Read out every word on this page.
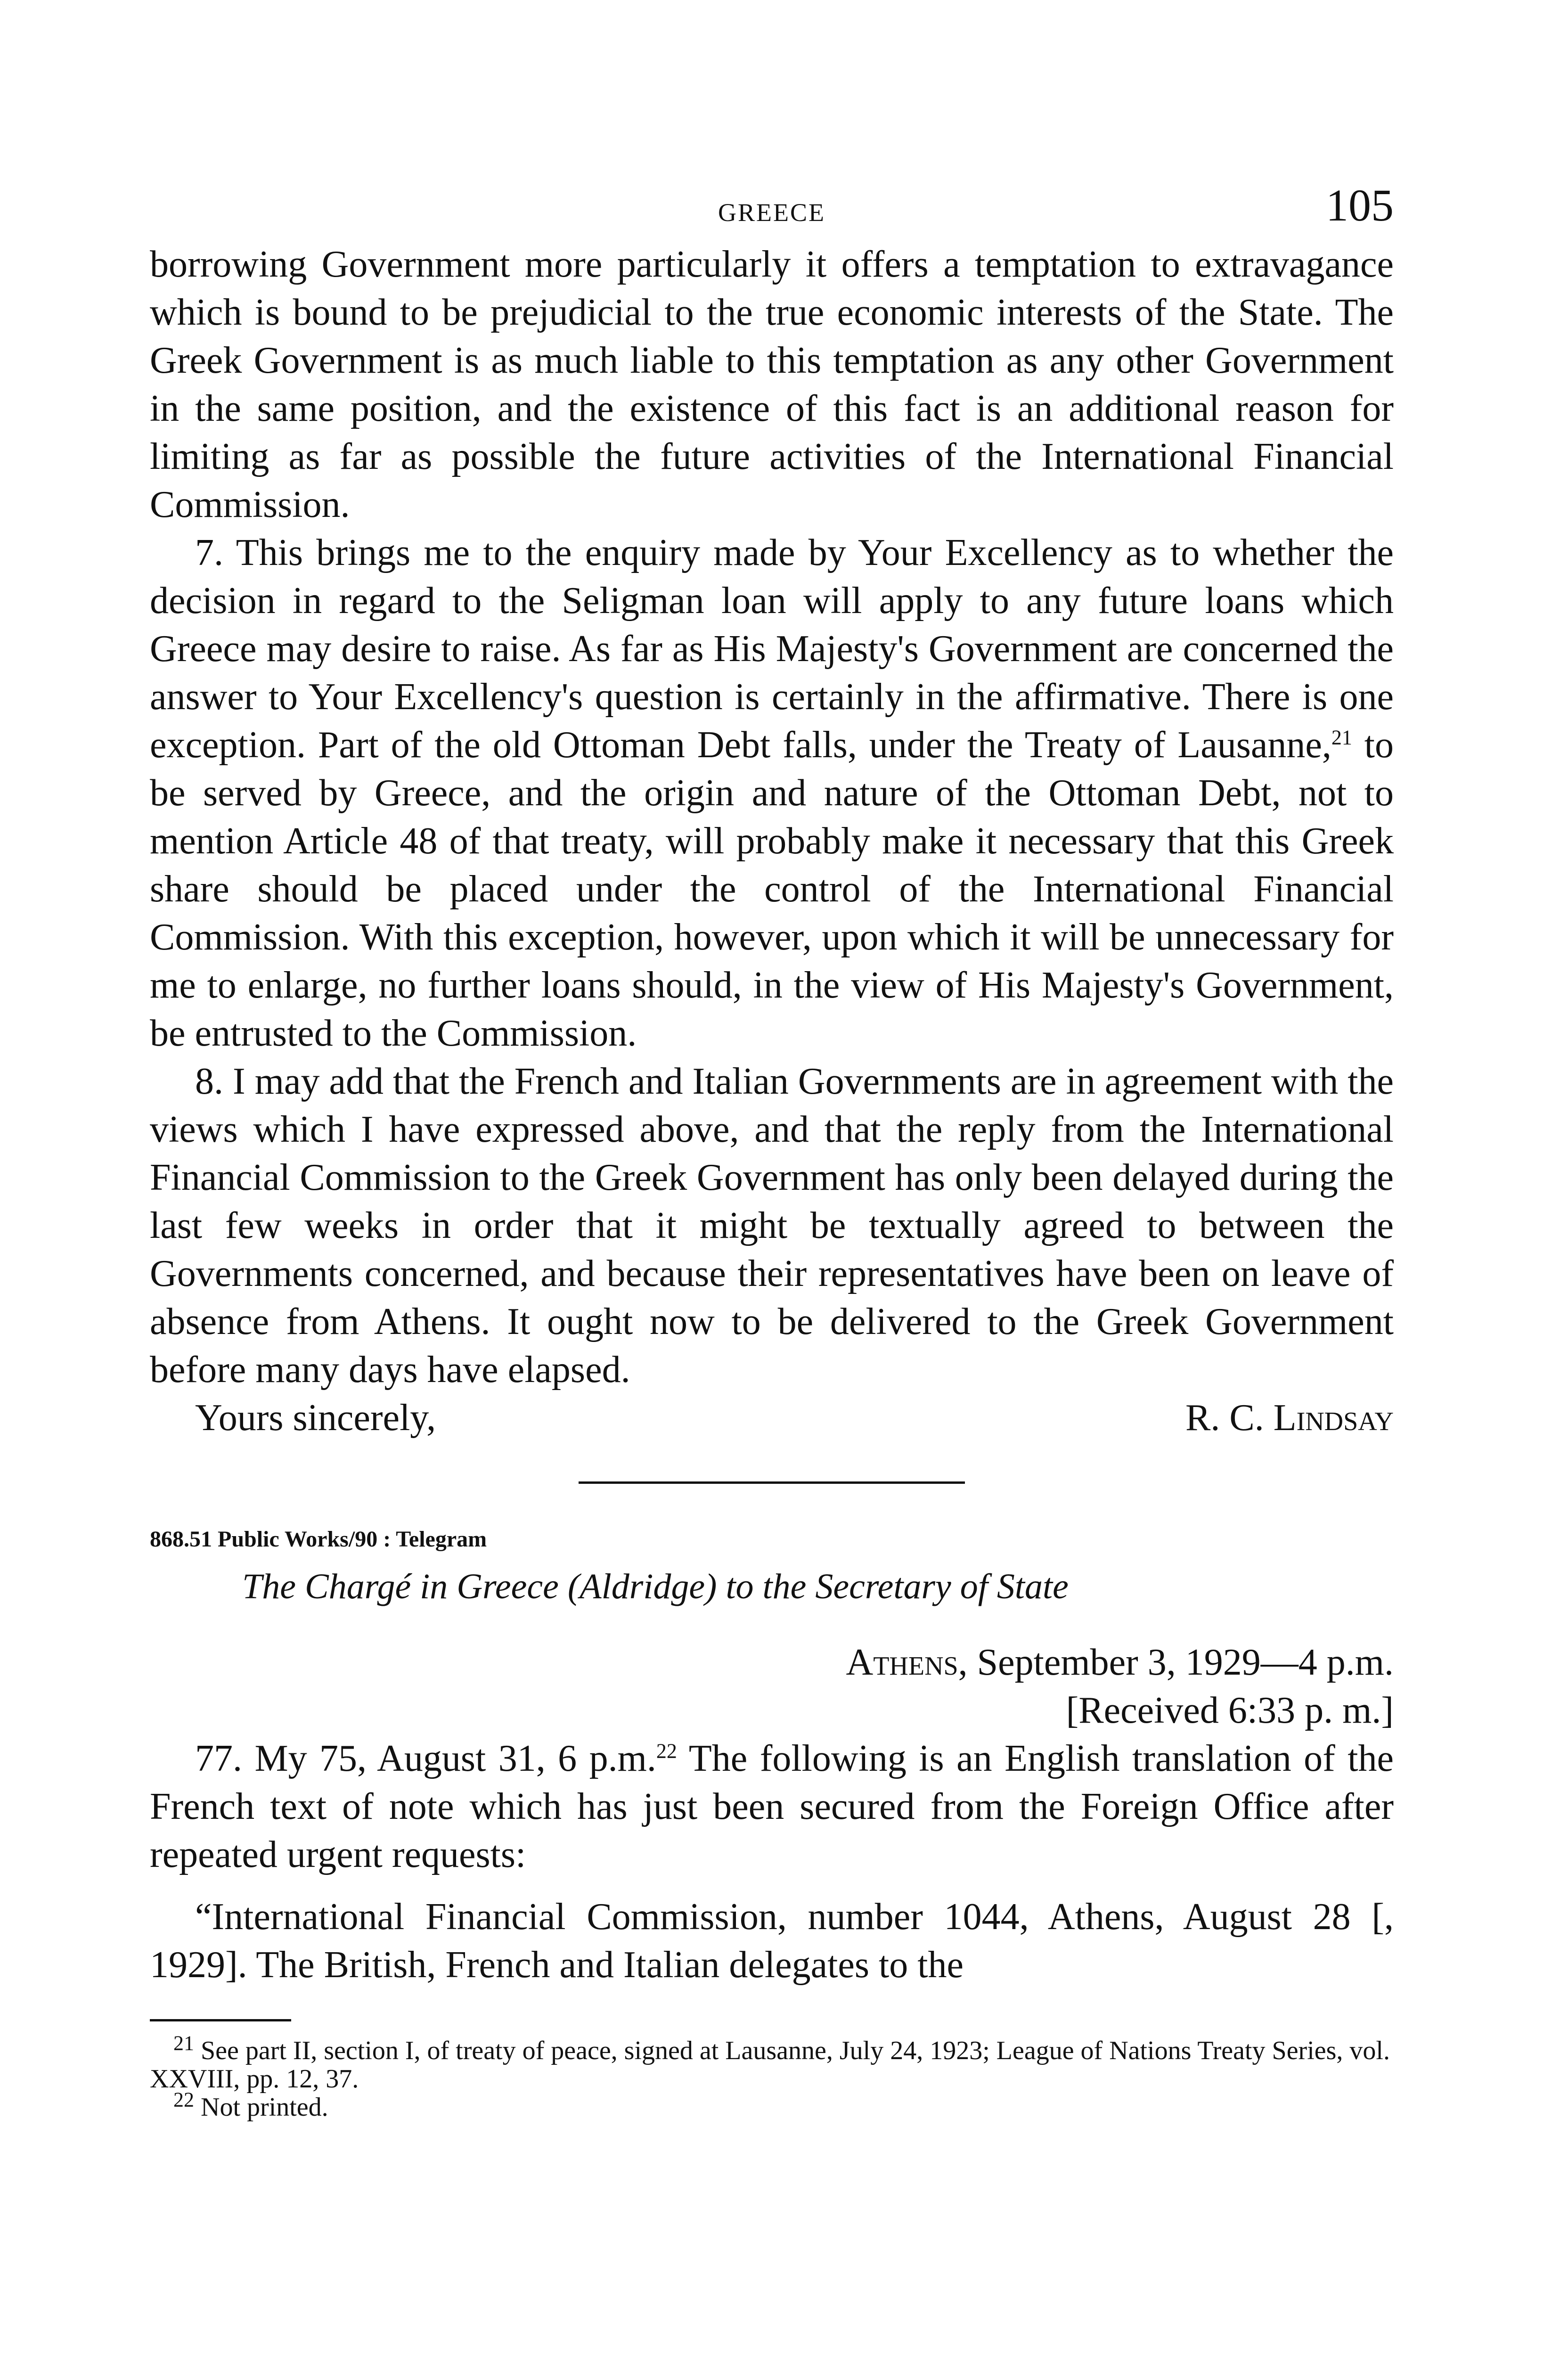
GREECE	105

borrowing Government more particularly it offers a temptation to extravagance which is bound to be prejudicial to the true economic interests of the State. The Greek Government is as much liable to this temptation as any other Government in the same position, and the existence of this fact is an additional reason for limiting as far as possible the future activities of the International Financial Commission.

7. This brings me to the enquiry made by Your Excellency as to whether the decision in regard to the Seligman loan will apply to any future loans which Greece may desire to raise. As far as His Majesty's Government are concerned the answer to Your Excellency's question is certainly in the affirmative. There is one exception. Part of the old Ottoman Debt falls, under the Treaty of Lausanne,$^{21}$ to be served by Greece, and the origin and nature of the Ottoman Debt, not to mention Article 48 of that treaty, will probably make it necessary that this Greek share should be placed under the control of the International Financial Commission. With this exception, however, upon which it will be unnecessary for me to enlarge, no further loans should, in the view of His Majesty's Government, be entrusted to the Commission.

8. I may add that the French and Italian Governments are in agreement with the views which I have expressed above, and that the reply from the International Financial Commission to the Greek Government has only been delayed during the last few weeks in order that it might be textually agreed to between the Governments concerned, and because their representatives have been on leave of absence from Athens. It ought now to be delivered to the Greek Government before many days have elapsed.

Yours sincerely,	R. C. Lindsay
868.51 Public Works/90 : Telegram
The Chargé in Greece (Aldridge) to the Secretary of State
Athens, September 3, 1929—4 p.m.
[Received 6:33 p. m.]

77. My 75, August 31, 6 p.m.$^{22}$ The following is an English translation of the French text of note which has just been secured from the Foreign Office after repeated urgent requests:

“International Financial Commission, number 1044, Athens, August 28 [, 1929]. The British, French and Italian delegates to the

$^{21}$ See part II, section I, of treaty of peace, signed at Lausanne, July 24, 1923; League of Nations Treaty Series, vol. XXVIII, pp. 12, 37.

$^{22}$ Not printed.
